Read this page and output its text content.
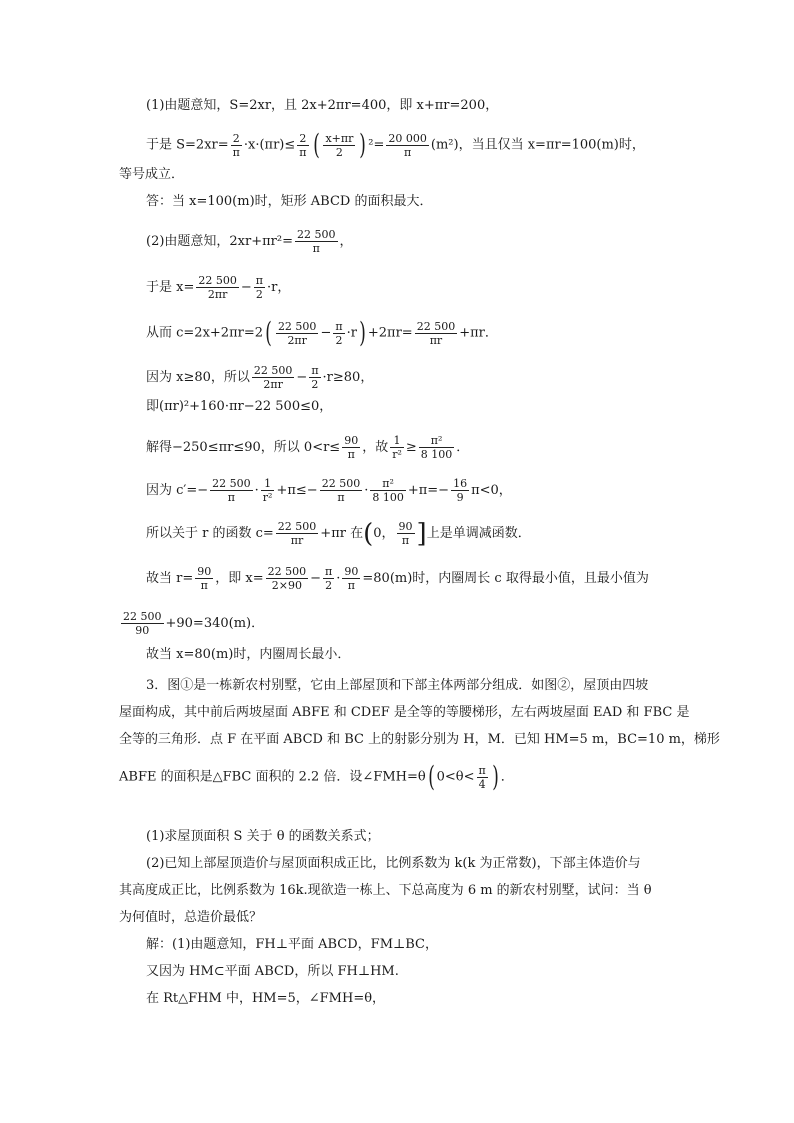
(1)由题意知，S=2xr，且 2x+2πr=400，即 x+πr=200，
于是 $S=2xr= \frac{2}{\pi} \cdot x\cdot(\pi r)\le \frac{2}{\pi}$ ( $\frac{x+\pi r}{2}$ ) $^2= \frac{20 000}{\pi} (m^2)$，当且仅当 x=πr=100(m)时，
等号成立．
答：当 x=100(m)时，矩形 ABCD 的面积最大．
(2)由题意知，$2xr+\pi r^2= \frac{22 500}{\pi}$ ，
于是 $x= \frac{22 500}{2\pi r} - \frac{\pi}{2} \cdot r$，
从而 $c=2x+2\pi r=2( \frac{22 500}{2\pi r} - \frac{\pi}{2} \cdot r) +2\pi r= \frac{22 500}{\pi r} +\pi r$．
因为 x≥80，所以 $\frac{22 500}{2\pi r} - \frac{\pi}{2} \cdot r\ge 80$，
即(πr)²+160·πr−22 500≤0，
解得−250≤πr≤90，所以 $0<r\le \frac{90}{\pi}$ ，故 $\frac{1}{\text{r²}} \ge \frac{\text{π²}}{8 100}$ ．
因为 $c'=- \frac{22 500}{\pi} \cdot \frac{1}{\text{r²}} +\pi\le- \frac{22 500}{\pi} \cdot \frac{\text{π²}}{8 100} +\pi=- \frac{16}{9} \pi<0$，
所以关于 r 的函数 $c= \frac{22 500}{\pi r} +\pi r$ 在(0， $\frac{90}{\pi}$ ]上是单调减函数．
故当 $r= \frac{90}{\pi}$ ，即 $x= \frac{22 500}{2\times 90} - \frac{\pi}{2} \cdot \frac{90}{\pi} =80(m)$时，内圈周长 c 取得最小值，且最小值为
$\frac{22 500}{90} +90=340(m)$．
故当 x=80(m)时，内圈周长最小．
3．图①是一栋新农村别墅，它由上部屋顶和下部主体两部分组成．如图②，屋顶由四坡
屋面构成，其中前后两坡屋面 ABFE 和 CDEF 是全等的等腰梯形，左右两坡屋面 EAD 和 FBC 是
全等的三角形．点 F 在平面 ABCD 和 BC 上的射影分别为 H，M．已知 HM=5 m，BC=10 m，梯形
ABFE 的面积是△FBC 面积的 2.2 倍．设∠FMH=θ( $0<\theta< \frac{\pi}{4}$ ) ．
(1)求屋顶面积 S 关于 θ 的函数关系式；
(2)已知上部屋顶造价与屋顶面积成正比，比例系数为 k(k 为正常数)，下部主体造价与
其高度成正比，比例系数为 16k.现欲造一栋上、下总高度为 6 m 的新农村别墅，试问：当 θ
为何值时，总造价最低？
解：(1)由题意知，FH⊥平面 ABCD，FM⊥BC，
又因为 HM⊂平面 ABCD，所以 FH⊥HM.
在 Rt△FHM 中，HM=5，∠FMH=θ，
